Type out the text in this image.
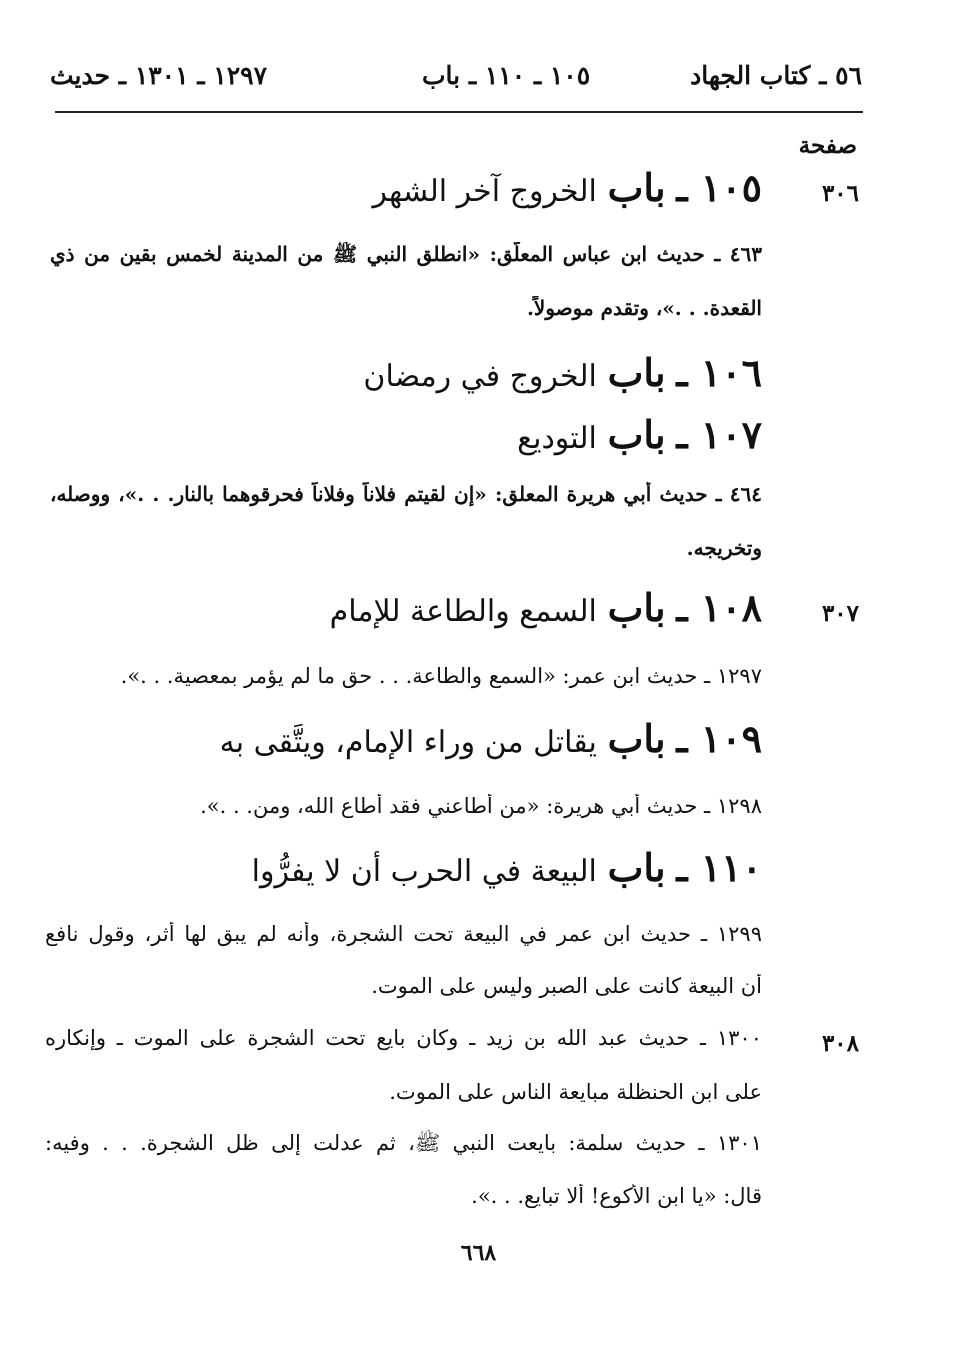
٥٦ ـ كتاب الجهاد
١٠٥ ـ ١١٠ ـ باب
١٢٩٧ ـ ١٣٠١ ـ حديث
صفحة
٣٠٦
٣٠٧
٣٠٨
١٠٥ ـ باب الخروج آخر الشهر
٤٦٣ ـ حديث ابن عباس المعلَّق: «انطلق النبي ﷺ من المدينة لخمس بقين من ذي
القعدة. . .»، وتقدم موصولاً.
١٠٦ ـ باب الخروج في رمضان
١٠٧ ـ باب التوديع
٤٦٤ ـ حديث أبي هريرة المعلق: «إن لقيتم فلاناً وفلاناً فحرقوهما بالنار. . .»، ووصله،
وتخريجه.
١٠٨ ـ باب السمع والطاعة للإمام
١٢٩٧ ـ حديث ابن عمر: «السمع والطاعة. . . حق ما لم يؤمر بمعصية. . .».
١٠٩ ـ باب يقاتل من وراء الإمام، ويتَّقى به
١٢٩٨ ـ حديث أبي هريرة: «من أطاعني فقد أطاع الله، ومن. . .».
١١٠ ـ باب البيعة في الحرب أن لا يفرُّوا
١٢٩٩ ـ حديث ابن عمر في البيعة تحت الشجرة، وأنه لم يبق لها أثر، وقول نافع
أن البيعة كانت على الصبر وليس على الموت.
١٣٠٠ ـ حديث عبد الله بن زيد ـ وكان بايع تحت الشجرة على الموت ـ وإنكاره
على ابن الحنظلة مبايعة الناس على الموت.
١٣٠١ ـ حديث سلمة: بايعت النبي ﷺ، ثم عدلت إلى ظل الشجرة. . . وفيه:
قال: «يا ابن الأكوع! ألا تبايع. . .».
٦٦٨
